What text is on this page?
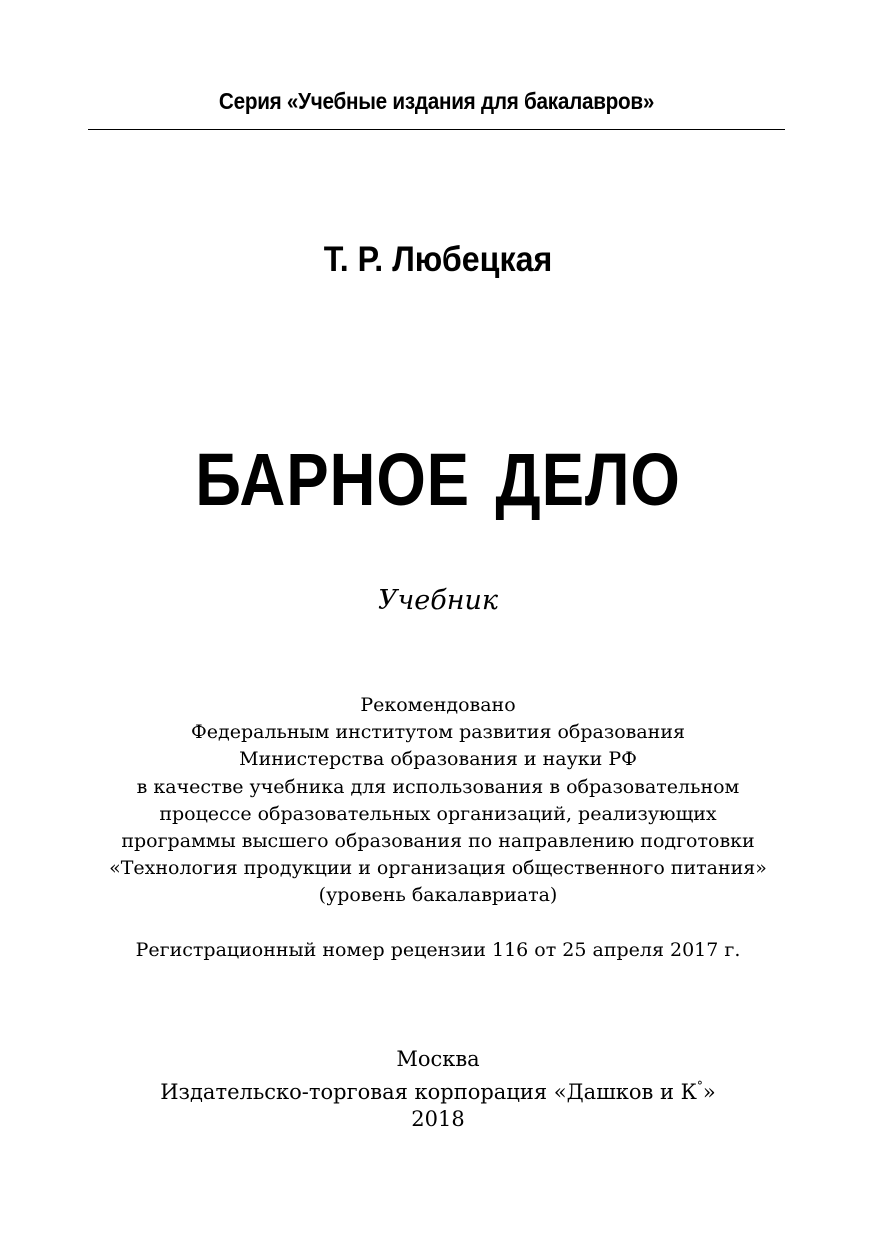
Серия «Учебные издания для бакалавров»
Т. Р. Любецкая
БАРНОЕ ДЕЛО
Учебник
Рекомендовано
Федеральным институтом развития образования
Министерства образования и науки РФ
в качестве учебника для использования в образовательном
процессе образовательных организаций, реализующих
программы высшего образования по направлению подготовки
«Технология продукции и организация общественного питания»
(уровень бакалавриата)
Регистрационный номер рецензии 116 от 25 апреля 2017 г.
Москва
Издательско-торговая корпорация «Дашков и К°»
2018
